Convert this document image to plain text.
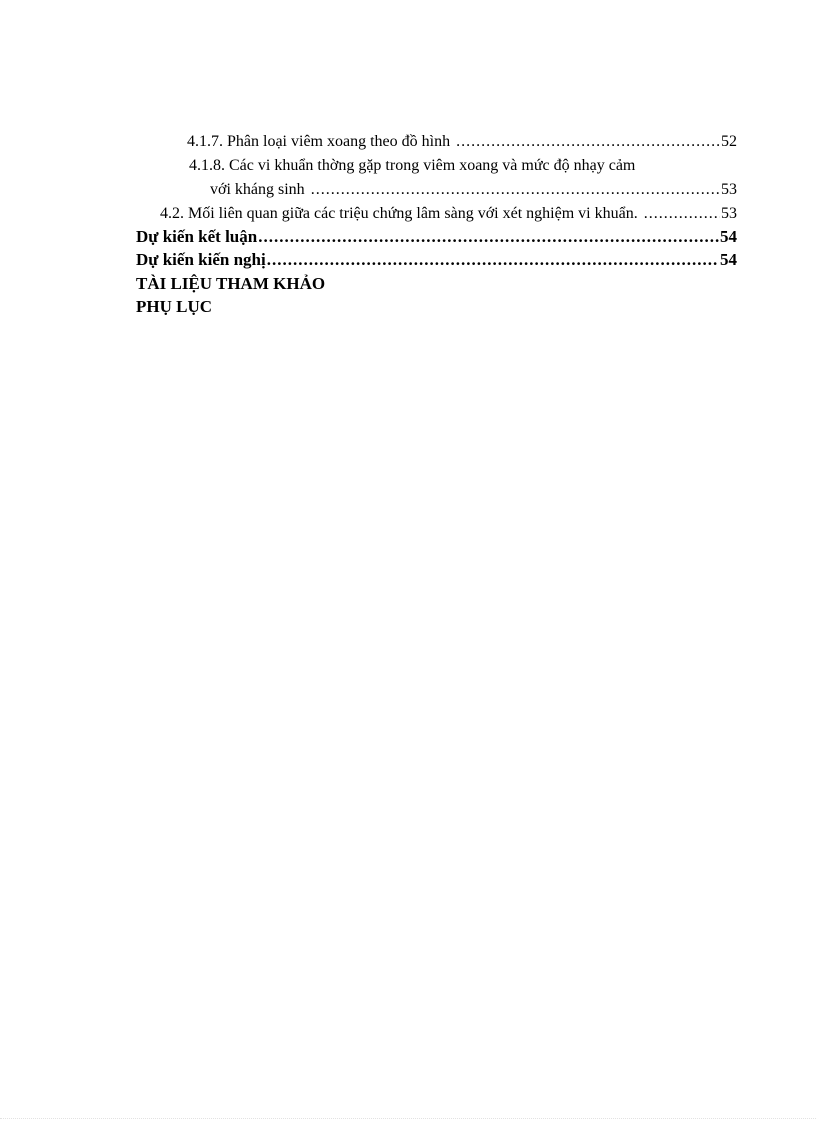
4.1.7. Phân loại viêm xoang theo đồ hình .....	52
4.1.8. Các vi khuẩn thờng gặp trong viêm xoang và mức độ nhạy cảm
với kháng sinh .....	53
4.2. Mối liên quan giữa các triệu chứng lâm sàng với xét nghiệm vi khuẩn. .....	53
Dự kiến kết luận .....	54
Dự kiến kiến nghị .....	54
TÀI LIỆU THAM KHẢO
PHỤ LỤC
